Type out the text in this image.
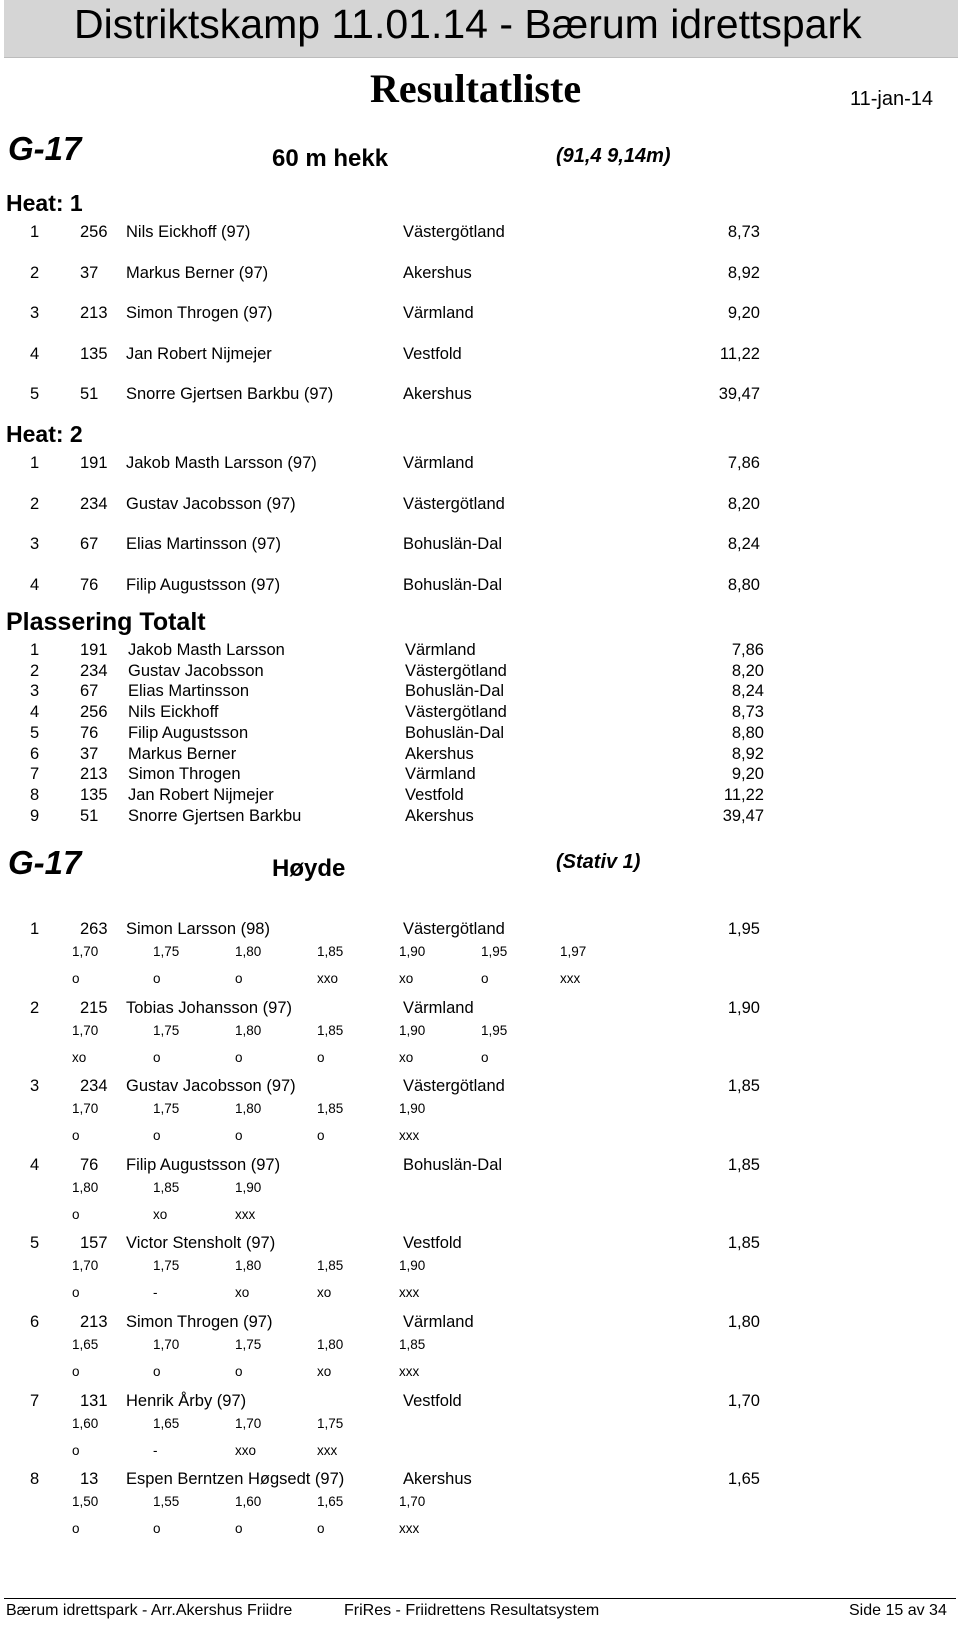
Distriktskamp 11.01.14 - Bærum idrettspark
Resultatliste	11-jan-14
G-17	60 m hekk	(91,4 9,14m)
Heat: 1
1 256 Nils Eickhoff (97)	Västergötland	8,73
2 37 Markus Berner (97)	Akershus	8,92
3 213 Simon Throgen (97)	Värmland	9,20
4 135 Jan Robert Nijmejer	Vestfold	11,22
5 51 Snorre Gjertsen Barkbu (97)	Akershus	39,47
Heat: 2
1 191 Jakob Masth Larsson (97)	Värmland	7,86
2 234 Gustav Jacobsson (97)	Västergötland	8,20
3 67 Elias Martinsson (97)	Bohuslän-Dal	8,24
4 76 Filip Augustsson (97)	Bohuslän-Dal	8,80
Plassering Totalt
1 191 Jakob Masth Larsson	Värmland	7,86
2 234 Gustav Jacobsson	Västergötland	8,20
3 67 Elias Martinsson	Bohuslän-Dal	8,24
4 256 Nils Eickhoff	Västergötland	8,73
5 76 Filip Augustsson	Bohuslän-Dal	8,80
6 37 Markus Berner	Akershus	8,92
7 213 Simon Throgen	Värmland	9,20
8 135 Jan Robert Nijmejer	Vestfold	11,22
9 51 Snorre Gjertsen Barkbu	Akershus	39,47
G-17	Høyde	(Stativ 1)
1 263 Simon Larsson (98)	Västergötland	1,95
1,70	1,75	1,80	1,85	1,90	1,95	1,97
o	o	o	xxo	xo	o	xxx
2 215 Tobias Johansson (97)	Värmland	1,90
1,70	1,75	1,80	1,85	1,90	1,95
xo	o	o	o	xo	o
3 234 Gustav Jacobsson (97)	Västergötland	1,85
1,70	1,75	1,80	1,85	1,90
o	o	o	o	xxx
4 76 Filip Augustsson (97)	Bohuslän-Dal	1,85
1,80	1,85	1,90
o	xo	xxx
5 157 Victor Stensholt (97)	Vestfold	1,85
1,70	1,75	1,80	1,85	1,90
o	-	xo	xo	xxx
6 213 Simon Throgen (97)	Värmland	1,80
1,65	1,70	1,75	1,80	1,85
o	o	o	xo	xxx
7 131 Henrik Årby (97)	Vestfold	1,70
1,60	1,65	1,70	1,75
o	-	xxo	xxx
8 13 Espen Berntzen Høgsedt (97)	Akershus	1,65
1,50	1,55	1,60	1,65	1,70
o	o	o	o	xxx
Bærum idrettspark - Arr.Akershus Friidre	FriRes - Friidrettens Resultatsystem	Side 15 av 34
